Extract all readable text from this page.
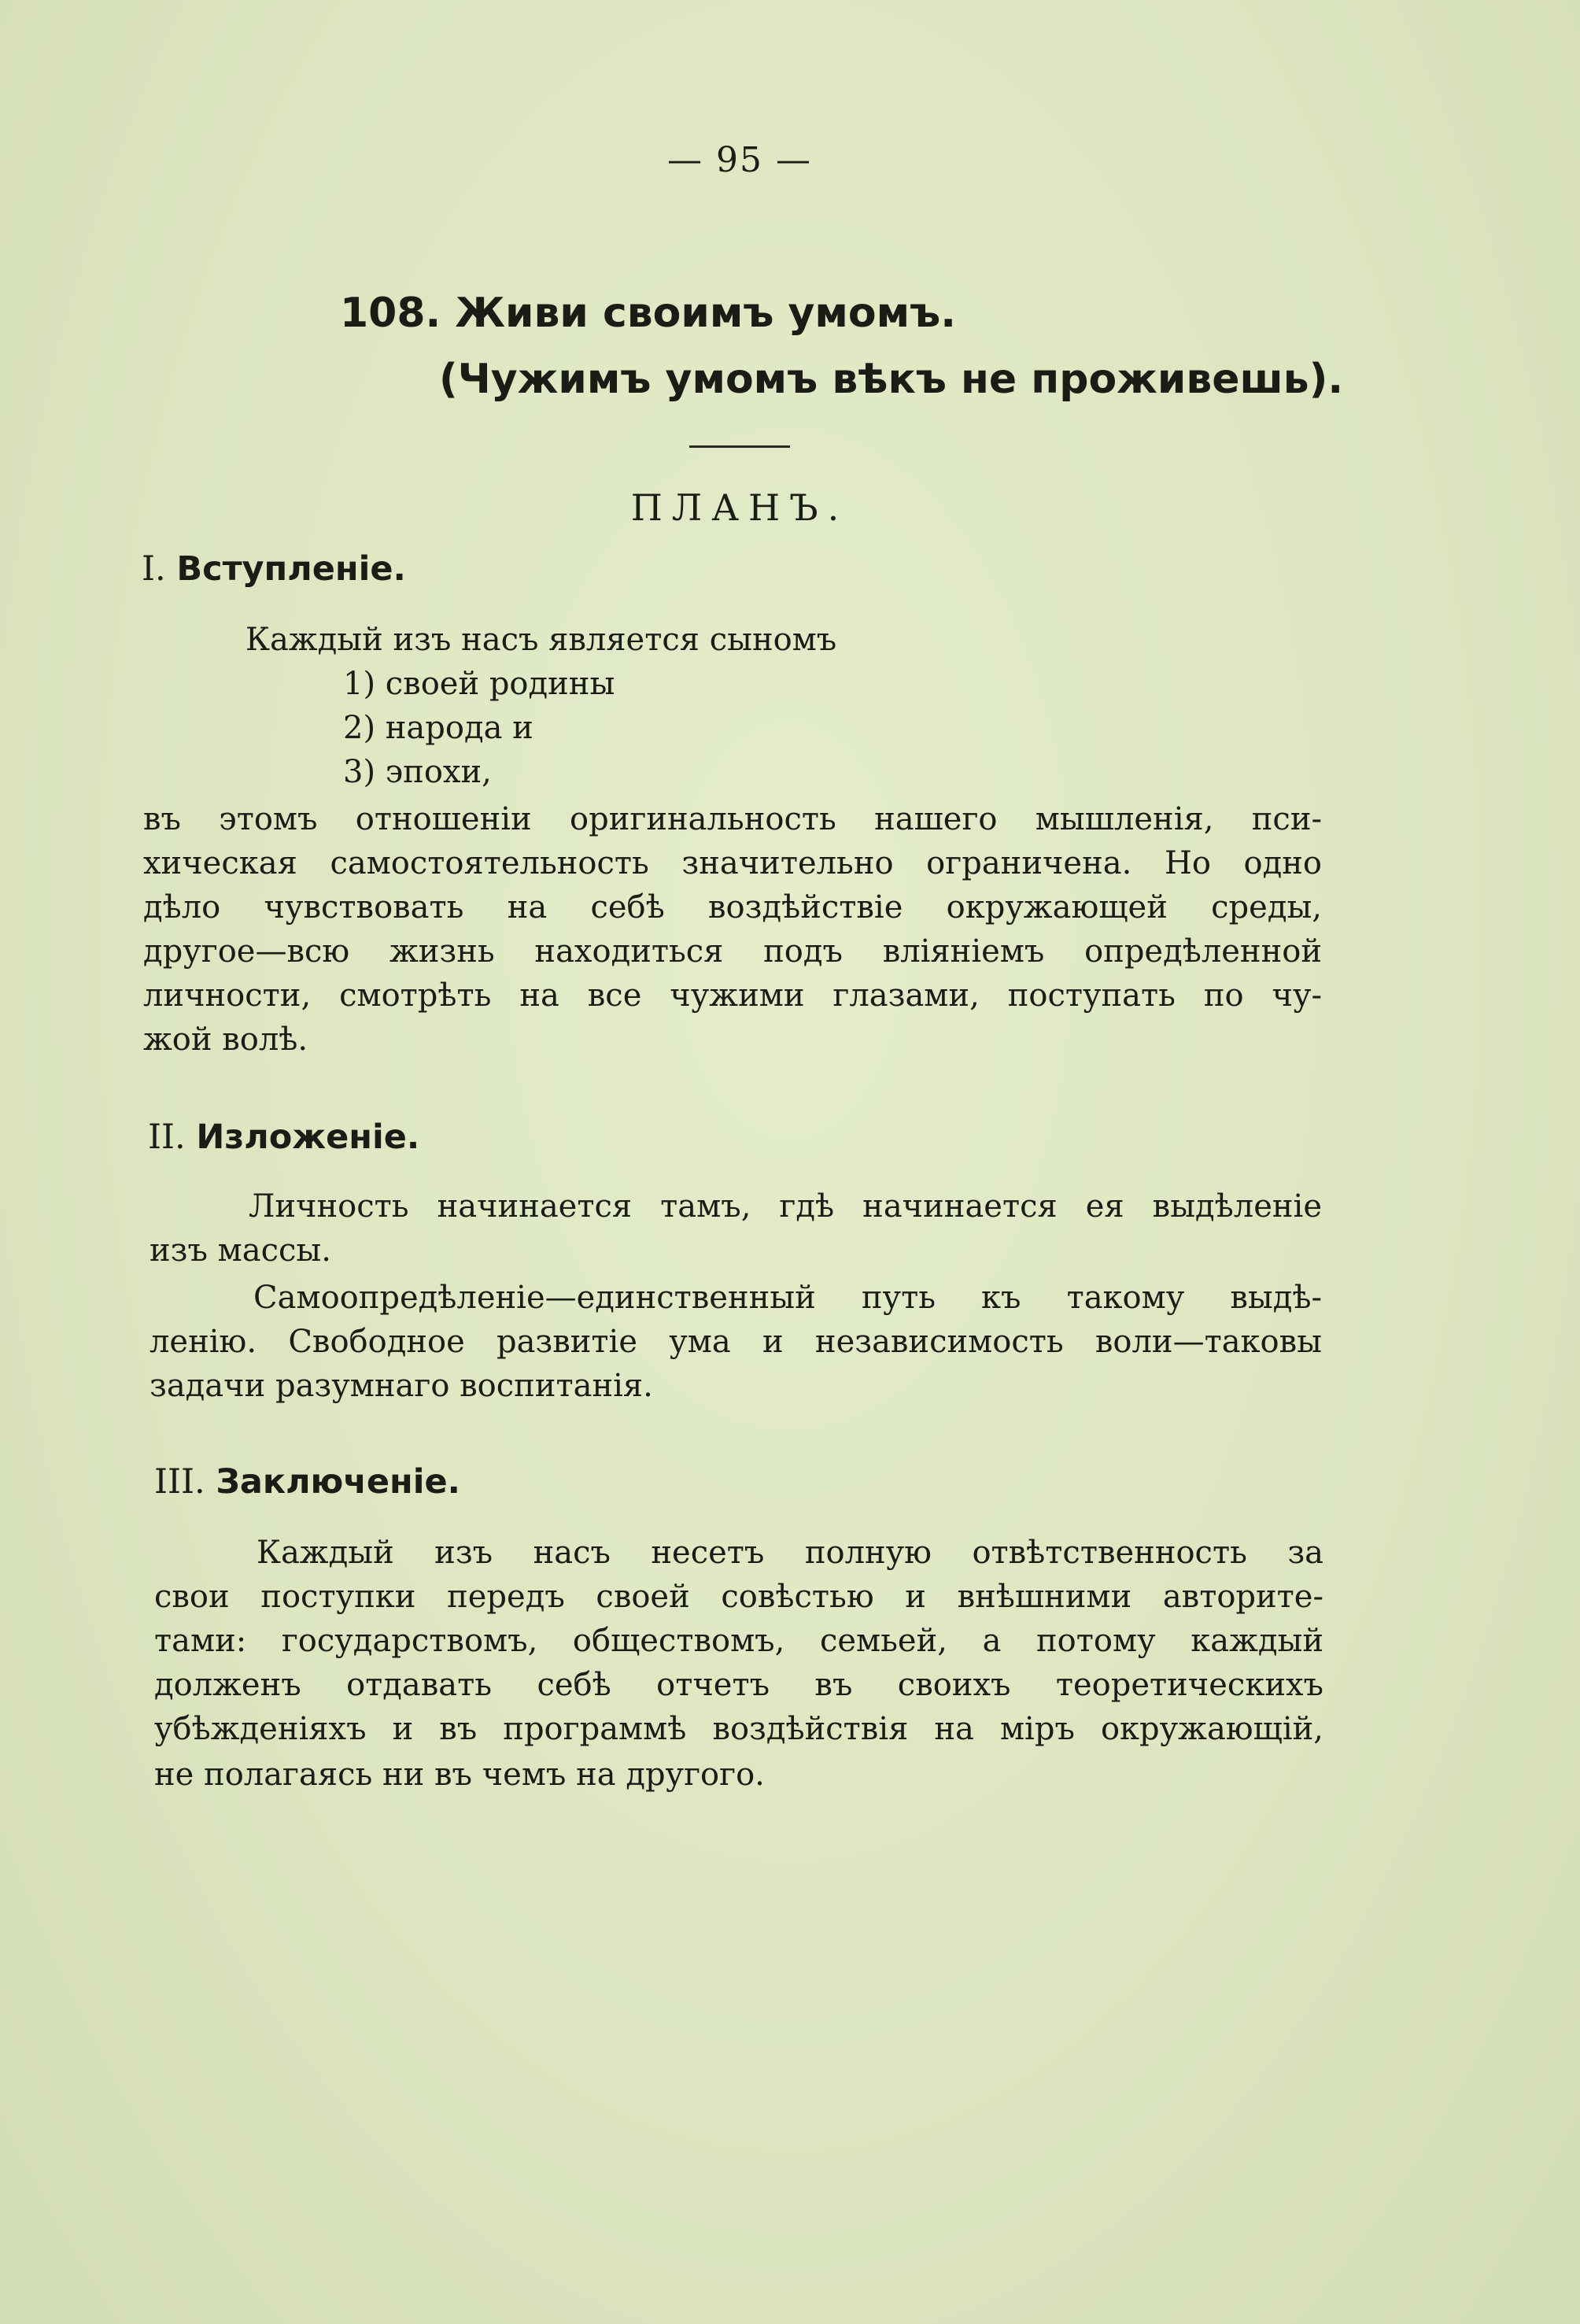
— 95 —
108. Живи своимъ умомъ.
(Чужимъ умомъ вѣкъ не проживешь).
ПЛАНЪ.
I. Вступленіе.
Каждый изъ насъ является сыномъ
1) своей родины
2) народа и
3) эпохи,
въ этомъ отношеніи оригинальность нашего мышленія, пси-
хическая самостоятельность значительно ограничена. Но одно
дѣло чувствовать на себѣ воздѣйствіе окружающей среды,
другое—всю жизнь находиться подъ вліяніемъ опредѣленной
личности, смотрѣть на все чужими глазами, поступать по чу-
жой волѣ.
II. Изложеніе.
Личность начинается тамъ, гдѣ начинается ея выдѣленіе
изъ массы.
Самоопредѣленіе—единственный путь къ такому выдѣ-
ленію. Свободное развитіе ума и независимость воли—таковы
задачи разумнаго воспитанія.
III. Заключеніе.
Каждый изъ насъ несетъ полную отвѣтственность за
свои поступки передъ своей совѣстью и внѣшними авторите-
тами: государствомъ, обществомъ, семьей, а потому каждый
долженъ отдавать себѣ отчетъ въ своихъ теоретическихъ
убѣжденіяхъ и въ программѣ воздѣйствія на міръ окружающій,
не полагаясь ни въ чемъ на другого.
